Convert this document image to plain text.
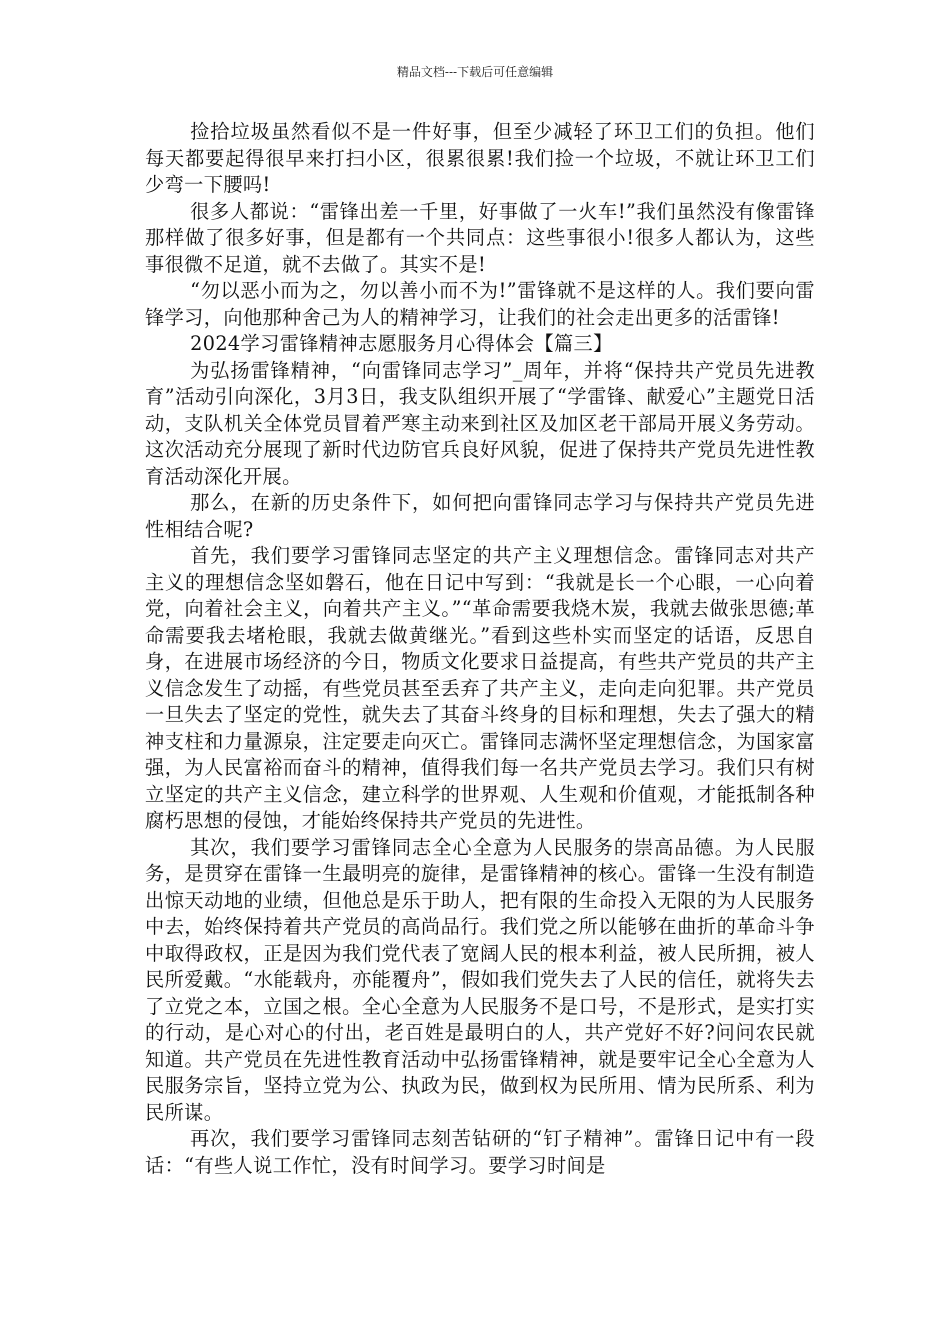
精品文档---下载后可任意编辑

捡拾垃圾虽然看似不是一件好事，但至少减轻了环卫工们的负担。他们每天都要起得很早来打扫小区，很累很累!我们捡一个垃圾，不就让环卫工们少弯一下腰吗!

很多人都说：“雷锋出差一千里，好事做了一火车!”我们虽然没有像雷锋那样做了很多好事，但是都有一个共同点：这些事很小!很多人都认为，这些事很微不足道，就不去做了。其实不是!

“勿以恶小而为之，勿以善小而不为!”雷锋就不是这样的人。我们要向雷锋学习，向他那种舍己为人的精神学习，让我们的社会走出更多的活雷锋!

2024学习雷锋精神志愿服务月心得体会【篇三】

为弘扬雷锋精神，“向雷锋同志学习”_周年，并将“保持共产党员先进教育”活动引向深化，3月3日，我支队组织开展了“学雷锋、献爱心”主题党日活动，支队机关全体党员冒着严寒主动来到社区及加区老干部局开展义务劳动。这次活动充分展现了新时代边防官兵良好风貌，促进了保持共产党员先进性教育活动深化开展。

那么，在新的历史条件下，如何把向雷锋同志学习与保持共产党员先进性相结合呢?

首先，我们要学习雷锋同志坚定的共产主义理想信念。雷锋同志对共产主义的理想信念坚如磐石，他在日记中写到：“我就是长一个心眼，一心向着党，向着社会主义，向着共产主义。”“革命需要我烧木炭，我就去做张思德;革命需要我去堵枪眼，我就去做黄继光。”看到这些朴实而坚定的话语，反思自身，在进展市场经济的今日，物质文化要求日益提高，有些共产党员的共产主义信念发生了动摇，有些党员甚至丢弃了共产主义，走向走向犯罪。共产党员一旦失去了坚定的党性，就失去了其奋斗终身的目标和理想，失去了强大的精神支柱和力量源泉，注定要走向灭亡。雷锋同志满怀坚定理想信念，为国家富强，为人民富裕而奋斗的精神，值得我们每一名共产党员去学习。我们只有树立坚定的共产主义信念，建立科学的世界观、人生观和价值观，才能抵制各种腐朽思想的侵蚀，才能始终保持共产党员的先进性。

其次，我们要学习雷锋同志全心全意为人民服务的崇高品德。为人民服务，是贯穿在雷锋一生最明亮的旋律，是雷锋精神的核心。雷锋一生没有制造出惊天动地的业绩，但他总是乐于助人，把有限的生命投入无限的为人民服务中去，始终保持着共产党员的高尚品行。我们党之所以能够在曲折的革命斗争中取得政权，正是因为我们党代表了宽阔人民的根本利益，被人民所拥，被人民所爱戴。“水能载舟，亦能覆舟”，假如我们党失去了人民的信任，就将失去了立党之本，立国之根。全心全意为人民服务不是口号，不是形式，是实打实的行动，是心对心的付出，老百姓是最明白的人，共产党好不好?问问农民就知道。共产党员在先进性教育活动中弘扬雷锋精神，就是要牢记全心全意为人民服务宗旨，坚持立党为公、执政为民，做到权为民所用、情为民所系、利为民所谋。

再次，我们要学习雷锋同志刻苦钻研的“钉子精神”。雷锋日记中有一段话：“有些人说工作忙，没有时间学习。要学习时间是
